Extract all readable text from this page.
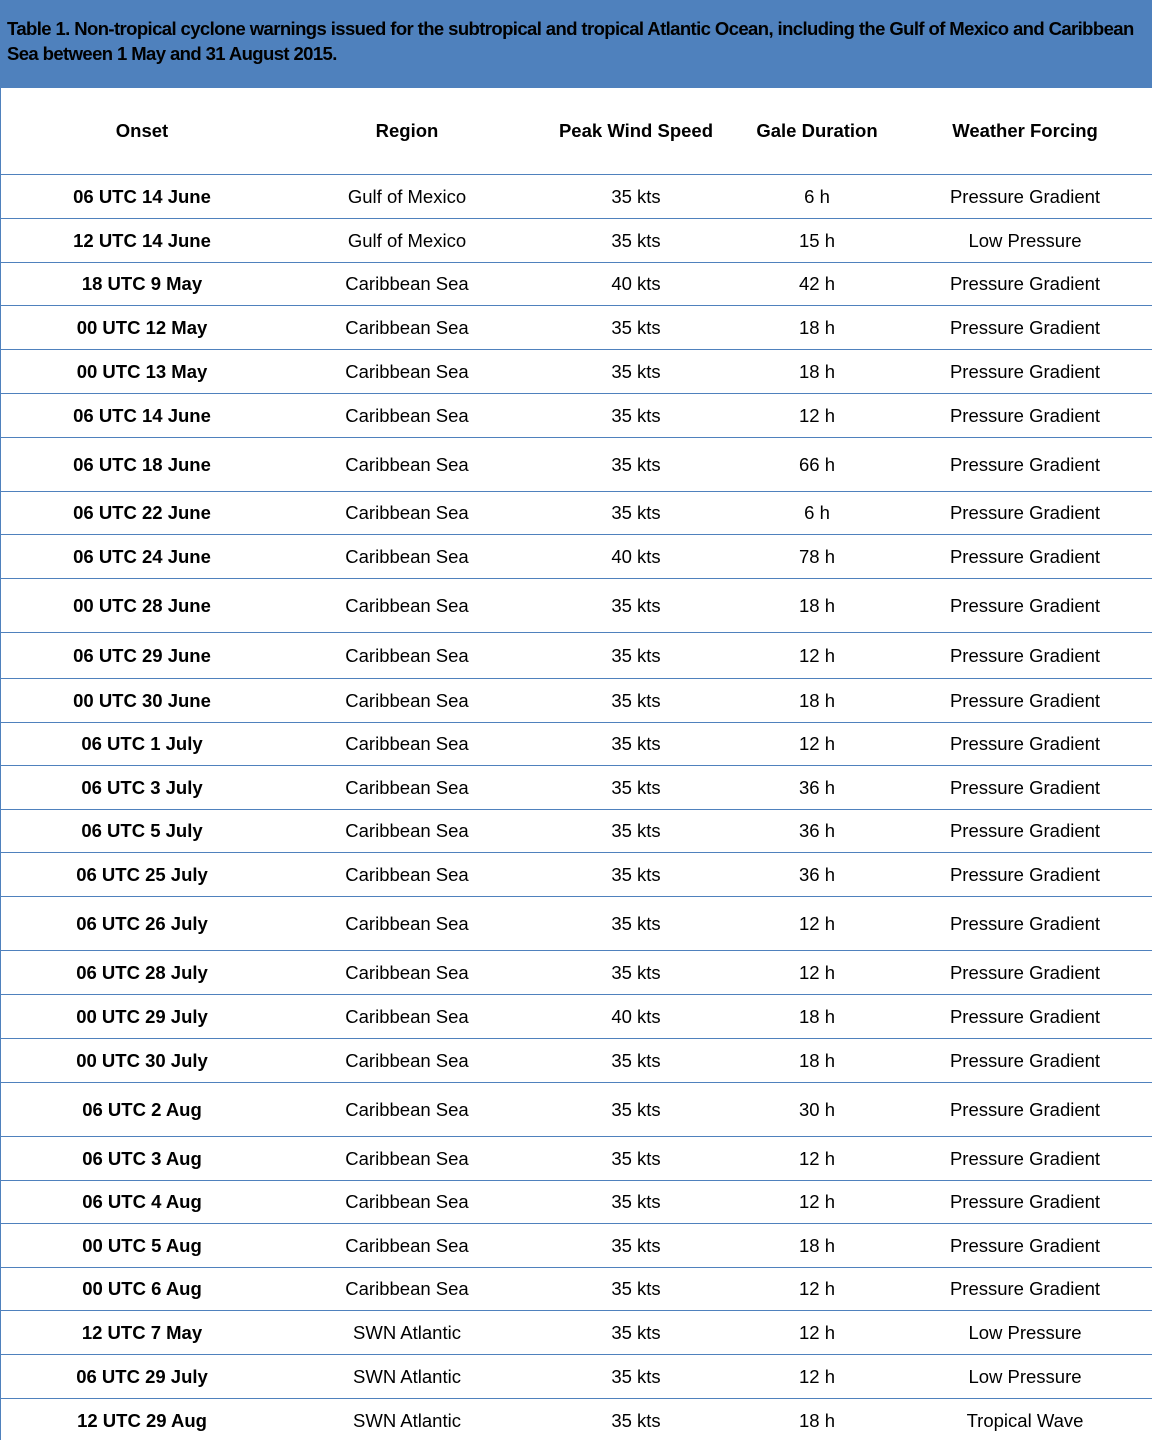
Table 1. Non-tropical cyclone warnings issued for the subtropical and tropical Atlantic Ocean, including the Gulf of Mexico and Caribbean Sea between 1 May and 31 August 2015.
Onset	Region	Peak Wind Speed	Gale Duration	Weather Forcing
06 UTC 14 June	Gulf of Mexico	35 kts	6 h	Pressure Gradient
12 UTC 14 June	Gulf of Mexico	35 kts	15 h	Low Pressure
18 UTC 9 May	Caribbean Sea	40 kts	42 h	Pressure Gradient
00 UTC 12 May	Caribbean Sea	35 kts	18 h	Pressure Gradient
00 UTC 13 May	Caribbean Sea	35 kts	18 h	Pressure Gradient
06 UTC 14 June	Caribbean Sea	35 kts	12 h	Pressure Gradient
06 UTC 18 June	Caribbean Sea	35 kts	66 h	Pressure Gradient
06 UTC 22 June	Caribbean Sea	35 kts	6 h	Pressure Gradient
06 UTC 24 June	Caribbean Sea	40 kts	78 h	Pressure Gradient
00 UTC 28 June	Caribbean Sea	35 kts	18 h	Pressure Gradient
06 UTC 29 June	Caribbean Sea	35 kts	12 h	Pressure Gradient
00 UTC 30 June	Caribbean Sea	35 kts	18 h	Pressure Gradient
06 UTC 1 July	Caribbean Sea	35 kts	12 h	Pressure Gradient
06 UTC 3 July	Caribbean Sea	35 kts	36 h	Pressure Gradient
06 UTC 5 July	Caribbean Sea	35 kts	36 h	Pressure Gradient
06 UTC 25 July	Caribbean Sea	35 kts	36 h	Pressure Gradient
06 UTC 26 July	Caribbean Sea	35 kts	12 h	Pressure Gradient
06 UTC 28 July	Caribbean Sea	35 kts	12 h	Pressure Gradient
00 UTC 29 July	Caribbean Sea	40 kts	18 h	Pressure Gradient
00 UTC 30 July	Caribbean Sea	35 kts	18 h	Pressure Gradient
06 UTC 2 Aug	Caribbean Sea	35 kts	30 h	Pressure Gradient
06 UTC 3 Aug	Caribbean Sea	35 kts	12 h	Pressure Gradient
06 UTC 4 Aug	Caribbean Sea	35 kts	12 h	Pressure Gradient
00 UTC 5 Aug	Caribbean Sea	35 kts	18 h	Pressure Gradient
00 UTC 6 Aug	Caribbean Sea	35 kts	12 h	Pressure Gradient
12 UTC 7 May	SWN Atlantic	35 kts	12 h	Low Pressure
06 UTC 29 July	SWN Atlantic	35 kts	12 h	Low Pressure
12 UTC 29 Aug	SWN Atlantic	35 kts	18 h	Tropical Wave
